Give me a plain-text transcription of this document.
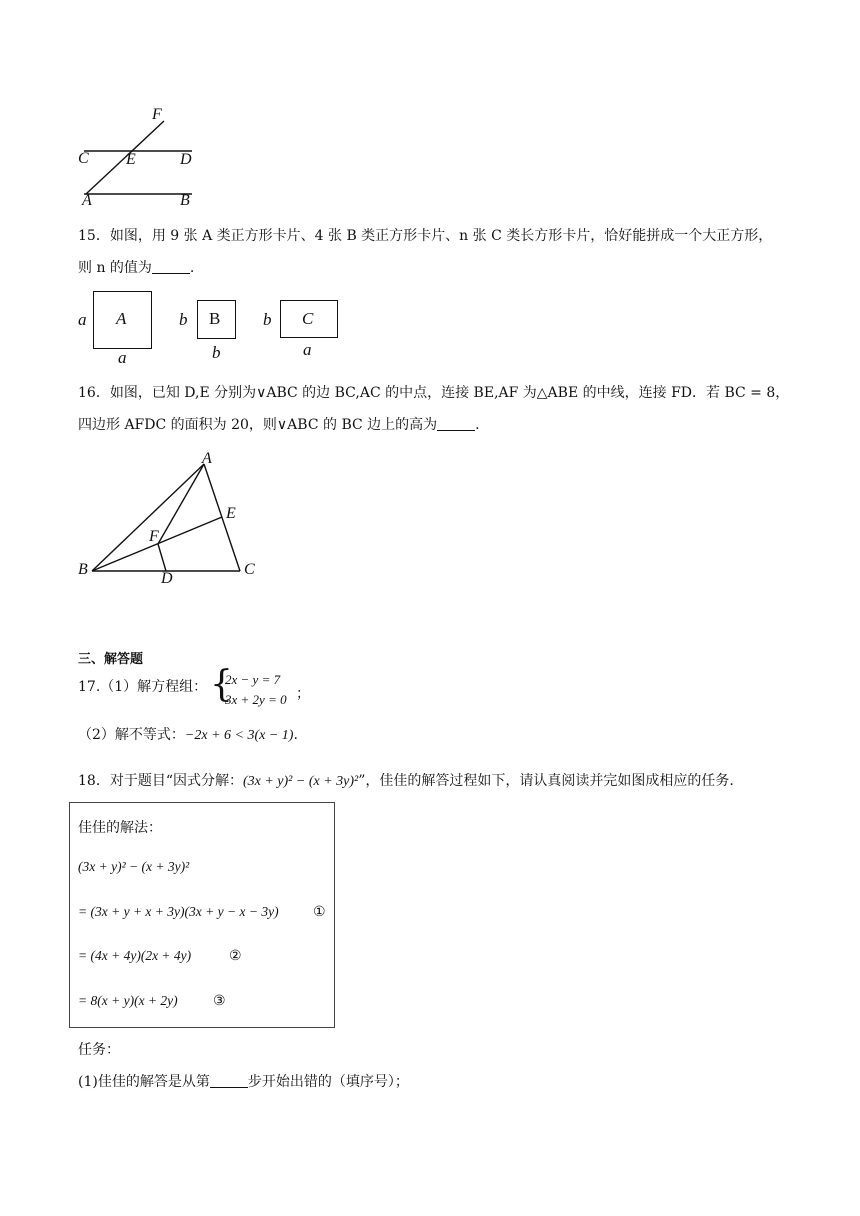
F
C E	D
A	B
15．如图，用 9 张 A 类正方形卡片、4 张 B 类正方形卡片、n 张 C 类长方形卡片，恰好能拼成一个大正方形，
则 n 的值为	.
A
a
a
B
b
b
C
b
a
16．如图，已知 D,E 分别为∨ABC 的边 BC,AC 的中点，连接 BE,AF 为△ABE 的中线，连接 FD．若 BC = 8，
四边形 AFDC 的面积为 20，则∨ABC 的 BC 边上的高为	.
A
E
F
B
D
C
三、解答题
17.（1）解方程组： {
2x − y = 7
3x + 2y = 0 ；
（2）解不等式：−2x + 6 < 3(x − 1).
18．对于题目“因式分解：(3x + y)² − (x + 3y)²”，佳佳的解答过程如下，请认真阅读并完如图成相应的任务.
佳佳的解法：
(3x + y)² − (x + 3y)²
= (3x + y + x + 3y)(3x + y − x − 3y) ①
= (4x + 4y)(2x + 4y)	②
= 8(x + y)(x + 2y)	③
任务：
(1)佳佳的解答是从第	步开始出错的（填序号）；
